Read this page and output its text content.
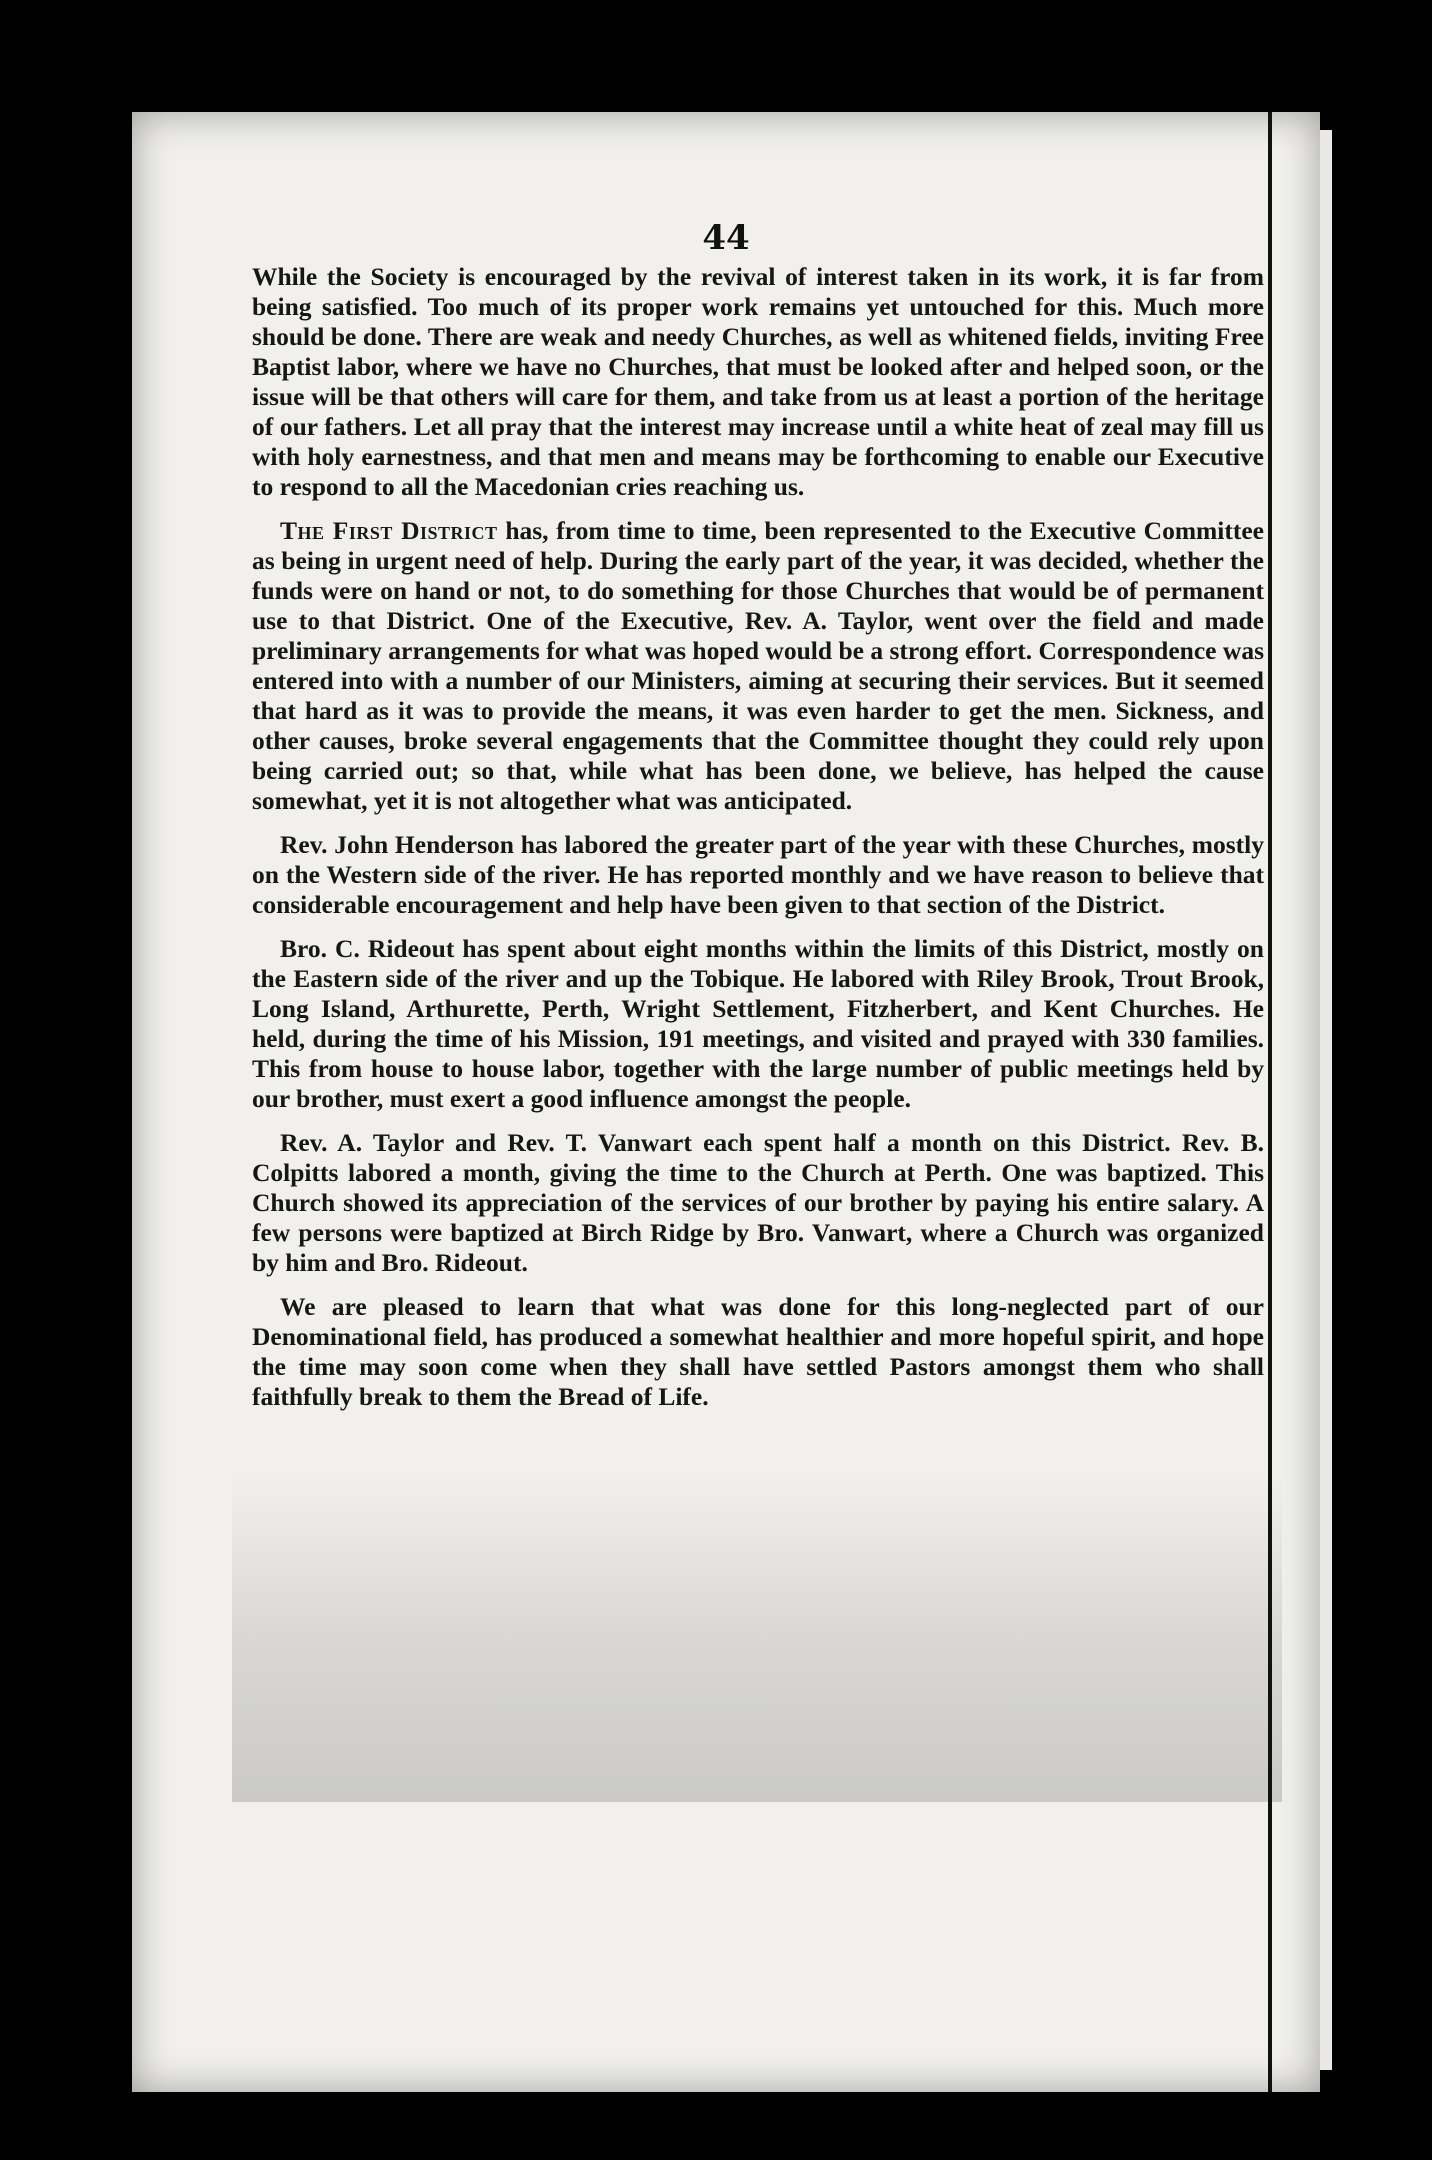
44

While the Society is encouraged by the revival of interest taken in its work, it is far from being satisfied. Too much of its proper work remains yet untouched for this. Much more should be done. There are weak and needy Churches, as well as whitened fields, inviting Free Baptist labor, where we have no Churches, that must be looked after and helped soon, or the issue will be that others will care for them, and take from us at least a portion of the heritage of our fathers. Let all pray that the interest may increase until a white heat of zeal may fill us with holy earnestness, and that men and means may be forthcoming to enable our Executive to respond to all the Macedonian cries reaching us.

The First District has, from time to time, been represented to the Executive Committee as being in urgent need of help. During the early part of the year, it was decided, whether the funds were on hand or not, to do something for those Churches that would be of permanent use to that District. One of the Executive, Rev. A. Taylor, went over the field and made preliminary arrangements for what was hoped would be a strong effort. Correspondence was entered into with a number of our Ministers, aiming at securing their services. But it seemed that hard as it was to provide the means, it was even harder to get the men. Sickness, and other causes, broke several engagements that the Committee thought they could rely upon being carried out; so that, while what has been done, we believe, has helped the cause somewhat, yet it is not altogether what was anticipated.

Rev. John Henderson has labored the greater part of the year with these Churches, mostly on the Western side of the river. He has reported monthly and we have reason to believe that considerable encouragement and help have been given to that section of the District.

Bro. C. Rideout has spent about eight months within the limits of this District, mostly on the Eastern side of the river and up the Tobique. He labored with Riley Brook, Trout Brook, Long Island, Arthurette, Perth, Wright Settlement, Fitzherbert, and Kent Churches. He held, during the time of his Mission, 191 meetings, and visited and prayed with 330 families. This from house to house labor, together with the large number of public meetings held by our brother, must exert a good influence amongst the people.

Rev. A. Taylor and Rev. T. Vanwart each spent half a month on this District. Rev. B. Colpitts labored a month, giving the time to the Church at Perth. One was baptized. This Church showed its appreciation of the services of our brother by paying his entire salary. A few persons were baptized at Birch Ridge by Bro. Vanwart, where a Church was organized by him and Bro. Rideout.

We are pleased to learn that what was done for this long-neglected part of our Denominational field, has produced a somewhat healthier and more hopeful spirit, and hope the time may soon come when they shall have settled Pastors amongst them who shall faithfully break to them the Bread of Life.
